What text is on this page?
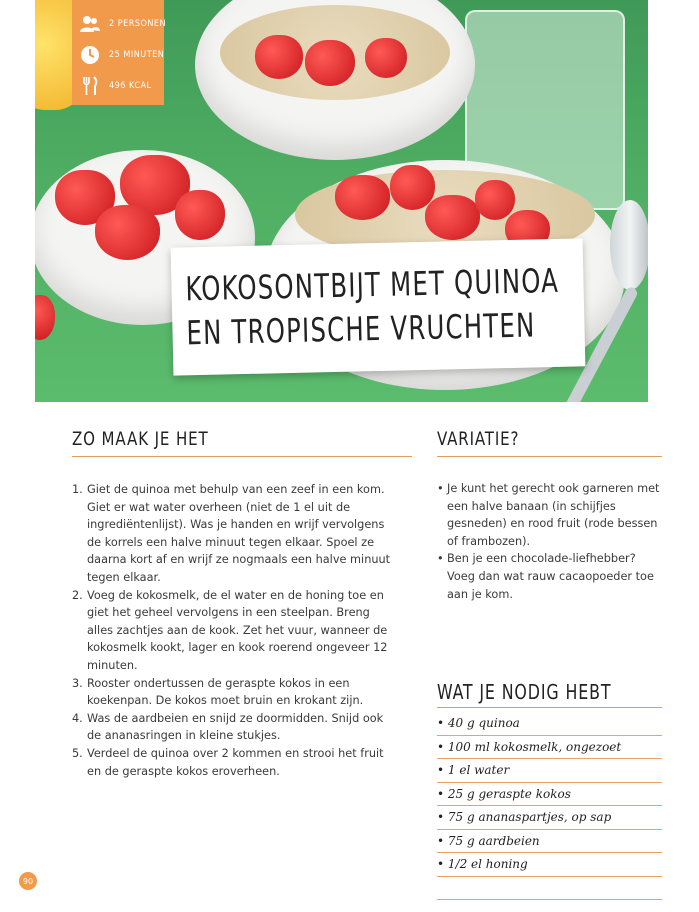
2 PERSONEN
25 MINUTEN
496 KCAL
KOKOSONTBIJT MET QUINOA
EN TROPISCHE VRUCHTEN
ZO MAAK JE HET
1. Giet de quinoa met behulp van een zeef in een kom. Giet er wat water overheen (niet de 1 el uit de ingrediëntenlijst). Was je handen en wrijf vervolgens de korrels een halve minuut tegen elkaar. Spoel ze daarna kort af en wrijf ze nogmaals een halve minuut tegen elkaar.
2. Voeg de kokosmelk, de el water en de honing toe en giet het geheel vervolgens in een steelpan. Breng alles zachtjes aan de kook. Zet het vuur, wanneer de kokosmelk kookt, lager en kook roerend ongeveer 12 minuten.
3. Rooster ondertussen de geraspte kokos in een koekenpan. De kokos moet bruin en krokant zijn.
4. Was de aardbeien en snijd ze doormidden. Snijd ook de ananasringen in kleine stukjes.
5. Verdeel de quinoa over 2 kommen en strooi het fruit en de geraspte kokos eroverheen.
VARIATIE?
• Je kunt het gerecht ook garneren met een halve banaan (in schijfjes gesneden) en rood fruit (rode bessen of frambozen).
• Ben je een chocolade-liefhebber? Voeg dan wat rauw cacaopoeder toe aan je kom.
WAT JE NODIG HEBT
• 40 g quinoa
• 100 ml kokosmelk, ongezoet
• 1 el water
• 25 g geraspte kokos
• 75 g ananaspartjes, op sap
• 75 g aardbeien
• 1/2 el honing
90
